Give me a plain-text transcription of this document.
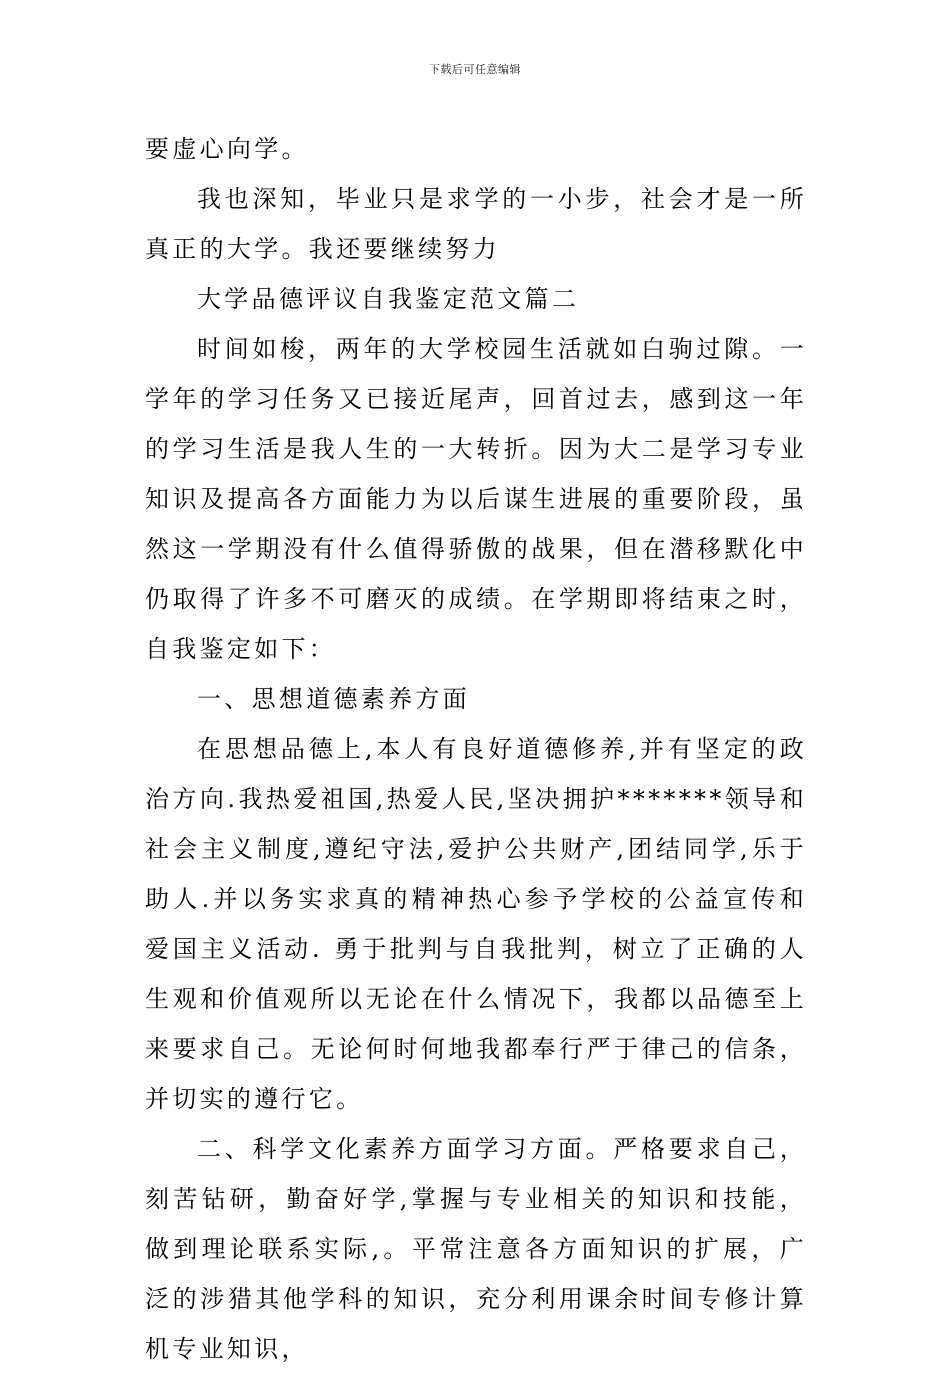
下载后可任意编辑

要虚心向学。

我也深知，毕业只是求学的一小步，社会才是一所真正的大学。我还要继续努力

大学品德评议自我鉴定范文篇二

时间如梭，两年的大学校园生活就如白驹过隙。一学年的学习任务又已接近尾声，回首过去，感到这一年的学习生活是我人生的一大转折。因为大二是学习专业知识及提高各方面能力为以后谋生进展的重要阶段，虽然这一学期没有什么值得骄傲的战果，但在潜移默化中仍取得了许多不可磨灭的成绩。在学期即将结束之时，自我鉴定如下：

一、思想道德素养方面

在思想品德上,本人有良好道德修养,并有坚定的政治方向.我热爱祖国,热爱人民,坚决拥护*******领导和社会主义制度,遵纪守法,爱护公共财产,团结同学,乐于助人.并以务实求真的精神热心参予学校的公益宣传和爱国主义活动. 勇于批判与自我批判，树立了正确的人生观和价值观所以无论在什么情况下，我都以品德至上来要求自己。无论何时何地我都奉行严于律己的信条，并切实的遵行它。

二、科学文化素养方面学习方面。严格要求自己，刻苦钻研，勤奋好学,掌握与专业相关的知识和技能，做到理论联系实际,。平常注意各方面知识的扩展，广泛的涉猎其他学科的知识，充分利用课余时间专修计算机专业知识，
